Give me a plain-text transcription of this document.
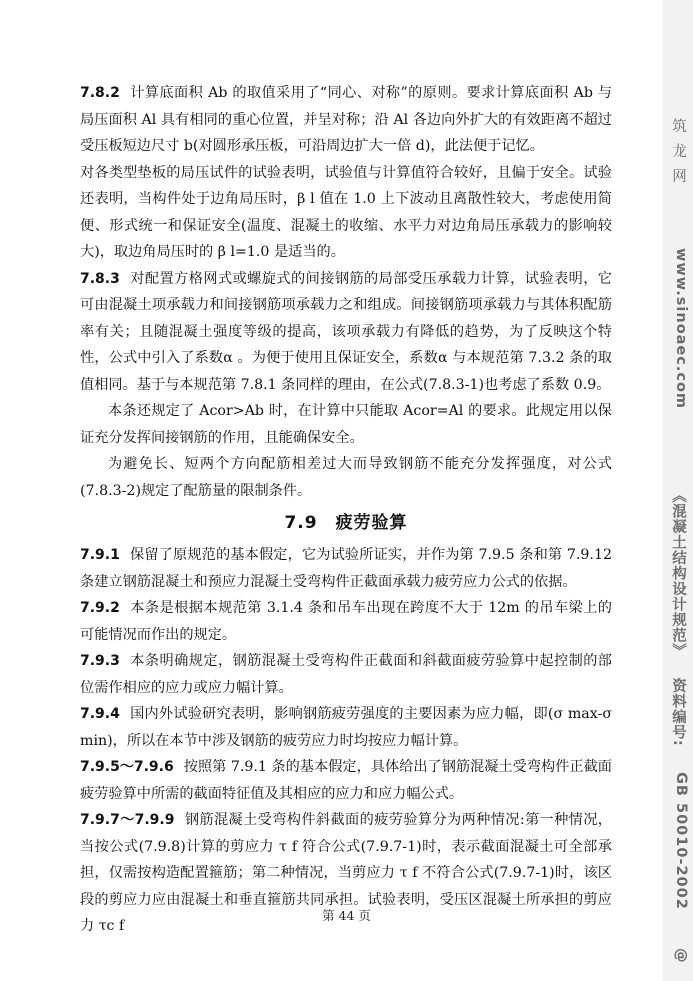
7.8.2 计算底面积 Ab 的取值采用了“同心、对称”的原则。要求计算底面积 Ab 与局压面积 Al 具有相同的重心位置，并呈对称；沿 Al 各边向外扩大的有效距离不超过受压板短边尺寸 b(对圆形承压板，可沿周边扩大一倍 d)，此法便于记忆。

对各类型垫板的局压试件的试验表明，试验值与计算值符合较好，且偏于安全。试验还表明，当构件处于边角局压时，β l 值在 1.0 上下波动且离散性较大，考虑使用简便、形式统一和保证安全(温度、混凝土的收缩、水平力对边角局压承载力的影响较大)，取边角局压时的 β l=1.0 是适当的。

7.8.3 对配置方格网式或螺旋式的间接钢筋的局部受压承载力计算，试验表明，它可由混凝土项承载力和间接钢筋项承载力之和组成。间接钢筋项承载力与其体积配筋率有关；且随混凝土强度等级的提高，该项承载力有降低的趋势，为了反映这个特性，公式中引入了系数α 。为便于使用且保证安全，系数α 与本规范第 7.3.2 条的取值相同。基于与本规范第 7.8.1 条同样的理由，在公式(7.8.3-1)也考虑了系数 0.9。

本条还规定了 Acor>Ab 时，在计算中只能取 Acor=Al 的要求。此规定用以保证充分发挥间接钢筋的作用，且能确保安全。

为避免长、短两个方向配筋相差过大而导致钢筋不能充分发挥强度，对公式(7.8.3-2)规定了配筋量的限制条件。

7.9 疲劳验算

7.9.1 保留了原规范的基本假定，它为试验所证实，并作为第 7.9.5 条和第 7.9.12 条建立钢筋混凝土和预应力混凝土受弯构件正截面承载力疲劳应力公式的依据。

7.9.2 本条是根据本规范第 3.1.4 条和吊车出现在跨度不大于 12m 的吊车梁上的可能情况而作出的规定。

7.9.3 本条明确规定，钢筋混凝土受弯构件正截面和斜截面疲劳验算中起控制的部位需作相应的应力或应力幅计算。

7.9.4 国内外试验研究表明，影响钢筋疲劳强度的主要因素为应力幅，即(σ max-σ min)，所以在本节中涉及钢筋的疲劳应力时均按应力幅计算。

7.9.5～7.9.6 按照第 7.9.1 条的基本假定，具体给出了钢筋混凝土受弯构件正截面疲劳验算中所需的截面特征值及其相应的应力和应力幅公式。

7.9.7～7.9.9 钢筋混凝土受弯构件斜截面的疲劳验算分为两种情况:第一种情况，当按公式(7.9.8)计算的剪应力 τ f 符合公式(7.9.7-1)时，表示截面混凝土可全部承担，仅需按构造配置箍筋；第二种情况，当剪应力 τ f 不符合公式(7.9.7-1)时，该区段的剪应力应由混凝土和垂直箍筋共同承担。试验表明，受压区混凝土所承担的剪应力 τc f

第 44 页
筑 龙 网
www.sinoaec.com
《混凝土结构设计规范》
资料编号:
GB 50010-2002
@
